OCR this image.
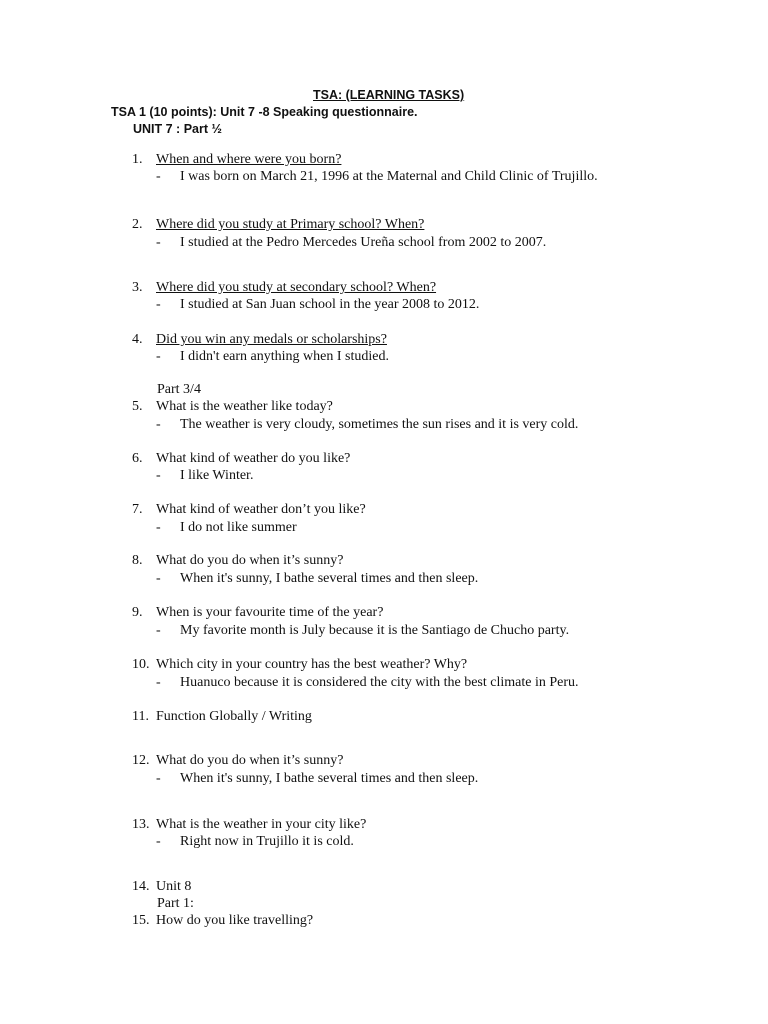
TSA: (LEARNING TASKS)
TSA 1 (10 points): Unit 7 -8 Speaking questionnaire.
UNIT 7 : Part ½
1. When and where were you born?
- I was born on March 21, 1996 at the Maternal and Child Clinic of Trujillo.
2. Where did you study at Primary school? When?
- I studied at the Pedro Mercedes Ureña school from 2002 to 2007.
3. Where did you study at secondary school? When?
- I studied at San Juan school in the year 2008 to 2012.
4. Did you win any medals or scholarships?
- I didn't earn anything when I studied.
Part 3/4
5. What is the weather like today?
- The weather is very cloudy, sometimes the sun rises and it is very cold.
6. What kind of weather do you like?
- I like Winter.
7. What kind of weather don’t you like?
- I do not like summer
8. What do you do when it’s sunny?
- When it's sunny, I bathe several times and then sleep.
9. When is your favourite time of the year?
- My favorite month is July because it is the Santiago de Chucho party.
10. Which city in your country has the best weather? Why?
- Huanuco because it is considered the city with the best climate in Peru.
11. Function Globally / Writing
12. What do you do when it’s sunny?
- When it's sunny, I bathe several times and then sleep.
13. What is the weather in your city like?
- Right now in Trujillo it is cold.
14. Unit 8
Part 1:
15. How do you like travelling?
